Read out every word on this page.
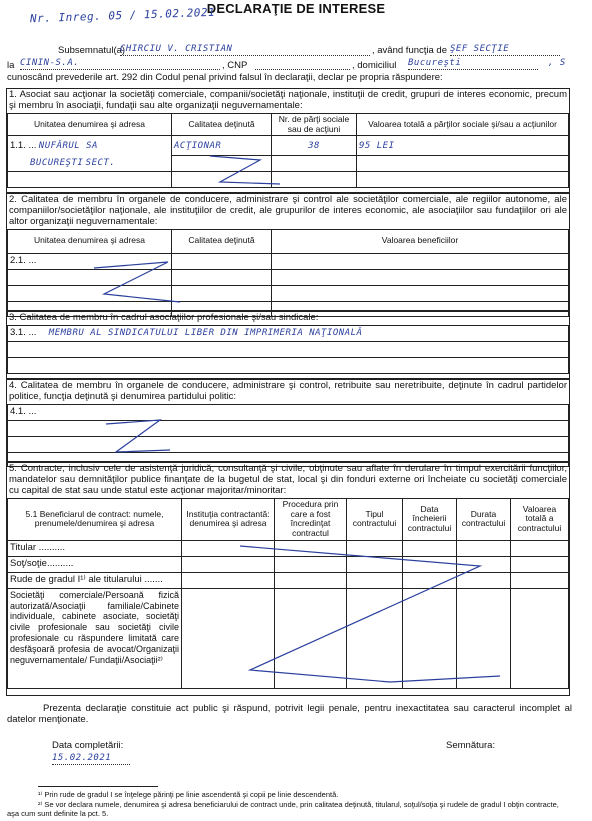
DECLARAŢIE DE INTERESE
Nr. Inreg. 05 / 15.02.2021
Subsemnatul(a)
CHIRCIU V. CRISTIAN	, având funcţia de ŞEF SECŢIE
la CININ-S.A.	, CNP	, domiciliul Bucureşti	, S
cunoscând prevederile art. 292 din Codul penal privind falsul în declaraţii, declar pe propria răspundere:
1. Asociat sau acţionar la societăţi comerciale, companii/societăţi naţionale, instituţii de credit, grupuri de interes economic, precum şi membru în asociaţii, fundaţii sau alte organizaţii neguvernamentale:
Unitatea denumirea şi adresa	Calitatea deţinută	Nr. de părţi sociale sau de acţiuni	Valoarea totală a părţilor sociale şi/sau a acţiunilor
1.1. ... NUFĂRUL SA	ACŢIONAR	38	95 LEI
BUCUREŞTI SECT.			

2. Calitatea de membru în organele de conducere, administrare şi control ale societăţilor comerciale, ale regiilor autonome, ale companiilor/societăţilor naţionale, ale instituţiilor de credit, ale grupurilor de interes economic, ale asociaţiilor sau fundaţiilor ori ale altor organizaţii neguvernamentale:
Unitatea denumirea şi adresa	Calitatea deţinută	Valoarea beneficiilor
2.1. ...		

3. Calitatea de membru în cadrul asociaţiilor profesionale şi/sau sindicale:
3.1. ... MEMBRU AL SINDICATULUI LIBER DIN IMPRIMERIA NAŢIONALĂ

4. Calitatea de membru în organele de conducere, administrare şi control, retribuite sau neretribuite, deţinute în cadrul partidelor politice, funcţia deţinută şi denumirea partidului politic:
4.1. ...

5. Contracte, inclusiv cele de asistenţă juridică, consultanţă şi civile, obţinute sau aflate în derulare în timpul exercitării funcţiilor, mandatelor sau demnităţilor publice finanţate de la bugetul de stat, local şi din fonduri externe ori încheiate cu societăţi comerciale cu capital de stat sau unde statul este acţionar majoritar/minoritar:
5.1 Beneficiarul de contract: numele, prenumele/denumirea şi adresa	Instituţia contractantă: denumirea şi adresa	Procedura prin care a fost încredinţat contractul	Tipul contractului	Data încheierii contractului	Durata contractului	Valoarea totală a contractului
Titular ..........						
Soţ/soţie..........						
Rude de gradul I¹⁾ ale titularului .......						
Societăţi comerciale/Persoană fizică autorizată/Asociaţii familiale/Cabinete individuale, cabinete asociate, societăţi civile profesionale sau societăţi civile profesionale cu răspundere limitată care desfăşoară profesia de avocat/Organizaţii neguvernamentale/ Fundaţii/Asociaţii²⁾						
Prezenta declaraţie constituie act public şi răspund, potrivit legii penale, pentru inexactitatea sau caracterul incomplet al datelor menţionate.
Data completării:
15.02.2021
Semnătura:
¹⁾ Prin rude de gradul I se înţelege părinţi pe linie ascendentă şi copii pe linie descendentă.
²⁾ Se vor declara numele, denumirea şi adresa beneficiarului de contract unde, prin calitatea deţinută, titularul, soţul/soţia şi rudele de gradul I obţin contracte, aşa cum sunt definite la pct. 5.
